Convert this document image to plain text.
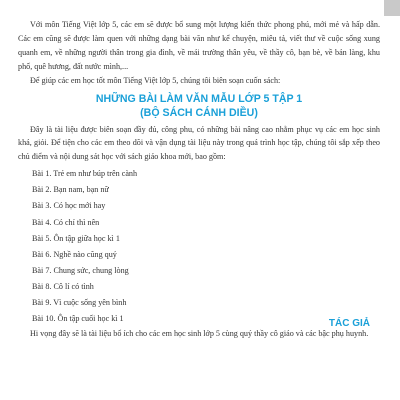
Với môn Tiếng Việt lớp 5, các em sẽ được bổ sung một lượng kiến thức phong phú, mới mẻ và hấp dẫn. Các em cũng sẽ được làm quen với những dạng bài văn như kể chuyện, miêu tả, viết thư về cuộc sống xung quanh em, về những người thân trong gia đình, về mái trường thân yêu, về thầy cô, bạn bè, về bản làng, khu phố, quê hương, đất nước mình,...

Để giúp các em học tốt môn Tiếng Việt lớp 5, chúng tôi biên soạn cuốn sách:

NHỮNG BÀI LÀM VĂN MẪU LỚP 5 TẬP 1
(BỘ SÁCH CÁNH DIỀU)

Đây là tài liệu được biên soạn đầy đủ, công phu, có những bài nâng cao nhằm phục vụ các em học sinh khá, giỏi. Để tiện cho các em theo dõi và vận dụng tài liệu này trong quá trình học tập, chúng tôi sắp xếp theo chủ điểm và nội dung sát học với sách giáo khoa mới, bao gồm:

Bài 1. Trẻ em như búp trên cành
Bài 2. Bạn nam, bạn nữ
Bài 3. Có học mới hay
Bài 4. Có chí thì nên
Bài 5. Ôn tập giữa học kì 1
Bài 6. Nghề nào cũng quý
Bài 7. Chung sức, chung lòng
Bài 8. Cô lí có tình
Bài 9. Vì cuộc sống yên bình
Bài 10. Ôn tập cuối học kì 1

Hi vọng đây sẽ là tài liệu bổ ích cho các em học sinh lớp 5 cùng quý thầy cô giáo và các bậc phụ huynh.

TÁC GIẢ
